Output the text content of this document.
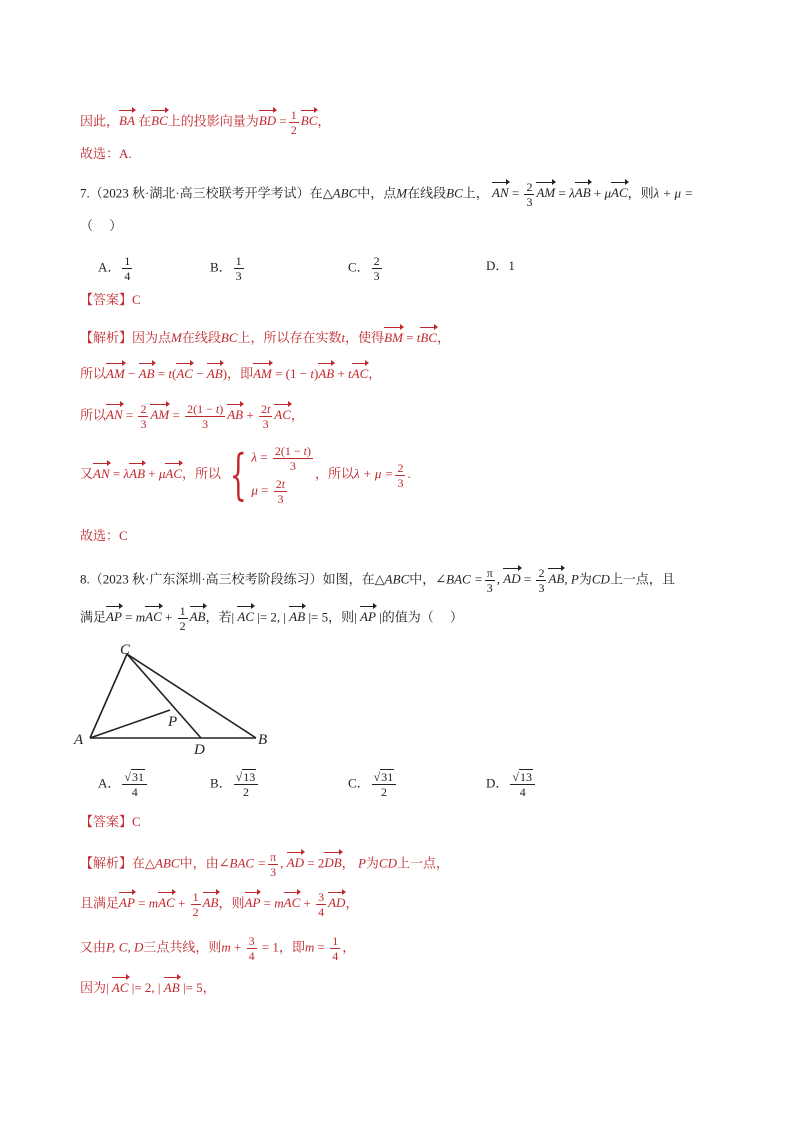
因此，BA 在BC上的投影向量为BD = $\frac{1}{2}$ BC，
故选：A.
7.（2023 秋·湖北·高三校联考开学考试）在△ABC中，点M在线段BC上， AN = $\frac{2}{3}$ AM = λAB + μAC，则λ + μ =
（　 ）
A． $\frac{1}{4}$	B． $\frac{1}{3}$	C． $\frac{2}{3}$	D．1
【答案】C
【解析】因为点M在线段BC上，所以存在实数t，使得BM = tBC，
所以AM − AB = t(AC − AB)，即AM = (1 − t)AB + tAC，
所以AN = $\frac{2}{3}$ AM = $\frac{2(1 - t)}{3}$ AB + $\frac{2t}{3}$ AC，
又AN = λAB + μAC，所以 { $\lambda = \frac{2(1 - t)}{3}$
$\mu = \frac{2t}{3}$
，所以$\lambda + \mu = \frac{2}{3}$ .
故选：C
8.（2023 秋·广东深圳·高三校考阶段练习）如图，在△ABC中，∠BAC = $\frac{\pi}{3}$ , AD = $\frac{2}{3}$ AB, P为CD上一点，且
满足AP = mAC + $\frac{1}{2}$ AB，若| AC |= 2, | AB |= 5，则| AP |的值为（　 ）
C
A	B
D
P
A． $\frac{√31}{4}$	B． $\frac{√13}{2}$	C． $\frac{√31}{2}$	D． $\frac{√13}{4}$
【答案】C
【解析】在△ABC中，由∠BAC = $\frac{\pi}{3}$ , AD = 2DB， P为CD上一点，
且满足AP = mAC + $\frac{1}{2}$ AB，则AP = mAC + $\frac{3}{4}$ AD，
又由P, C, D三点共线，则$m + \frac{3}{4} = 1$，即$m = \frac{1}{4}$ ，
因为| AC |= 2, | AB |= 5，
